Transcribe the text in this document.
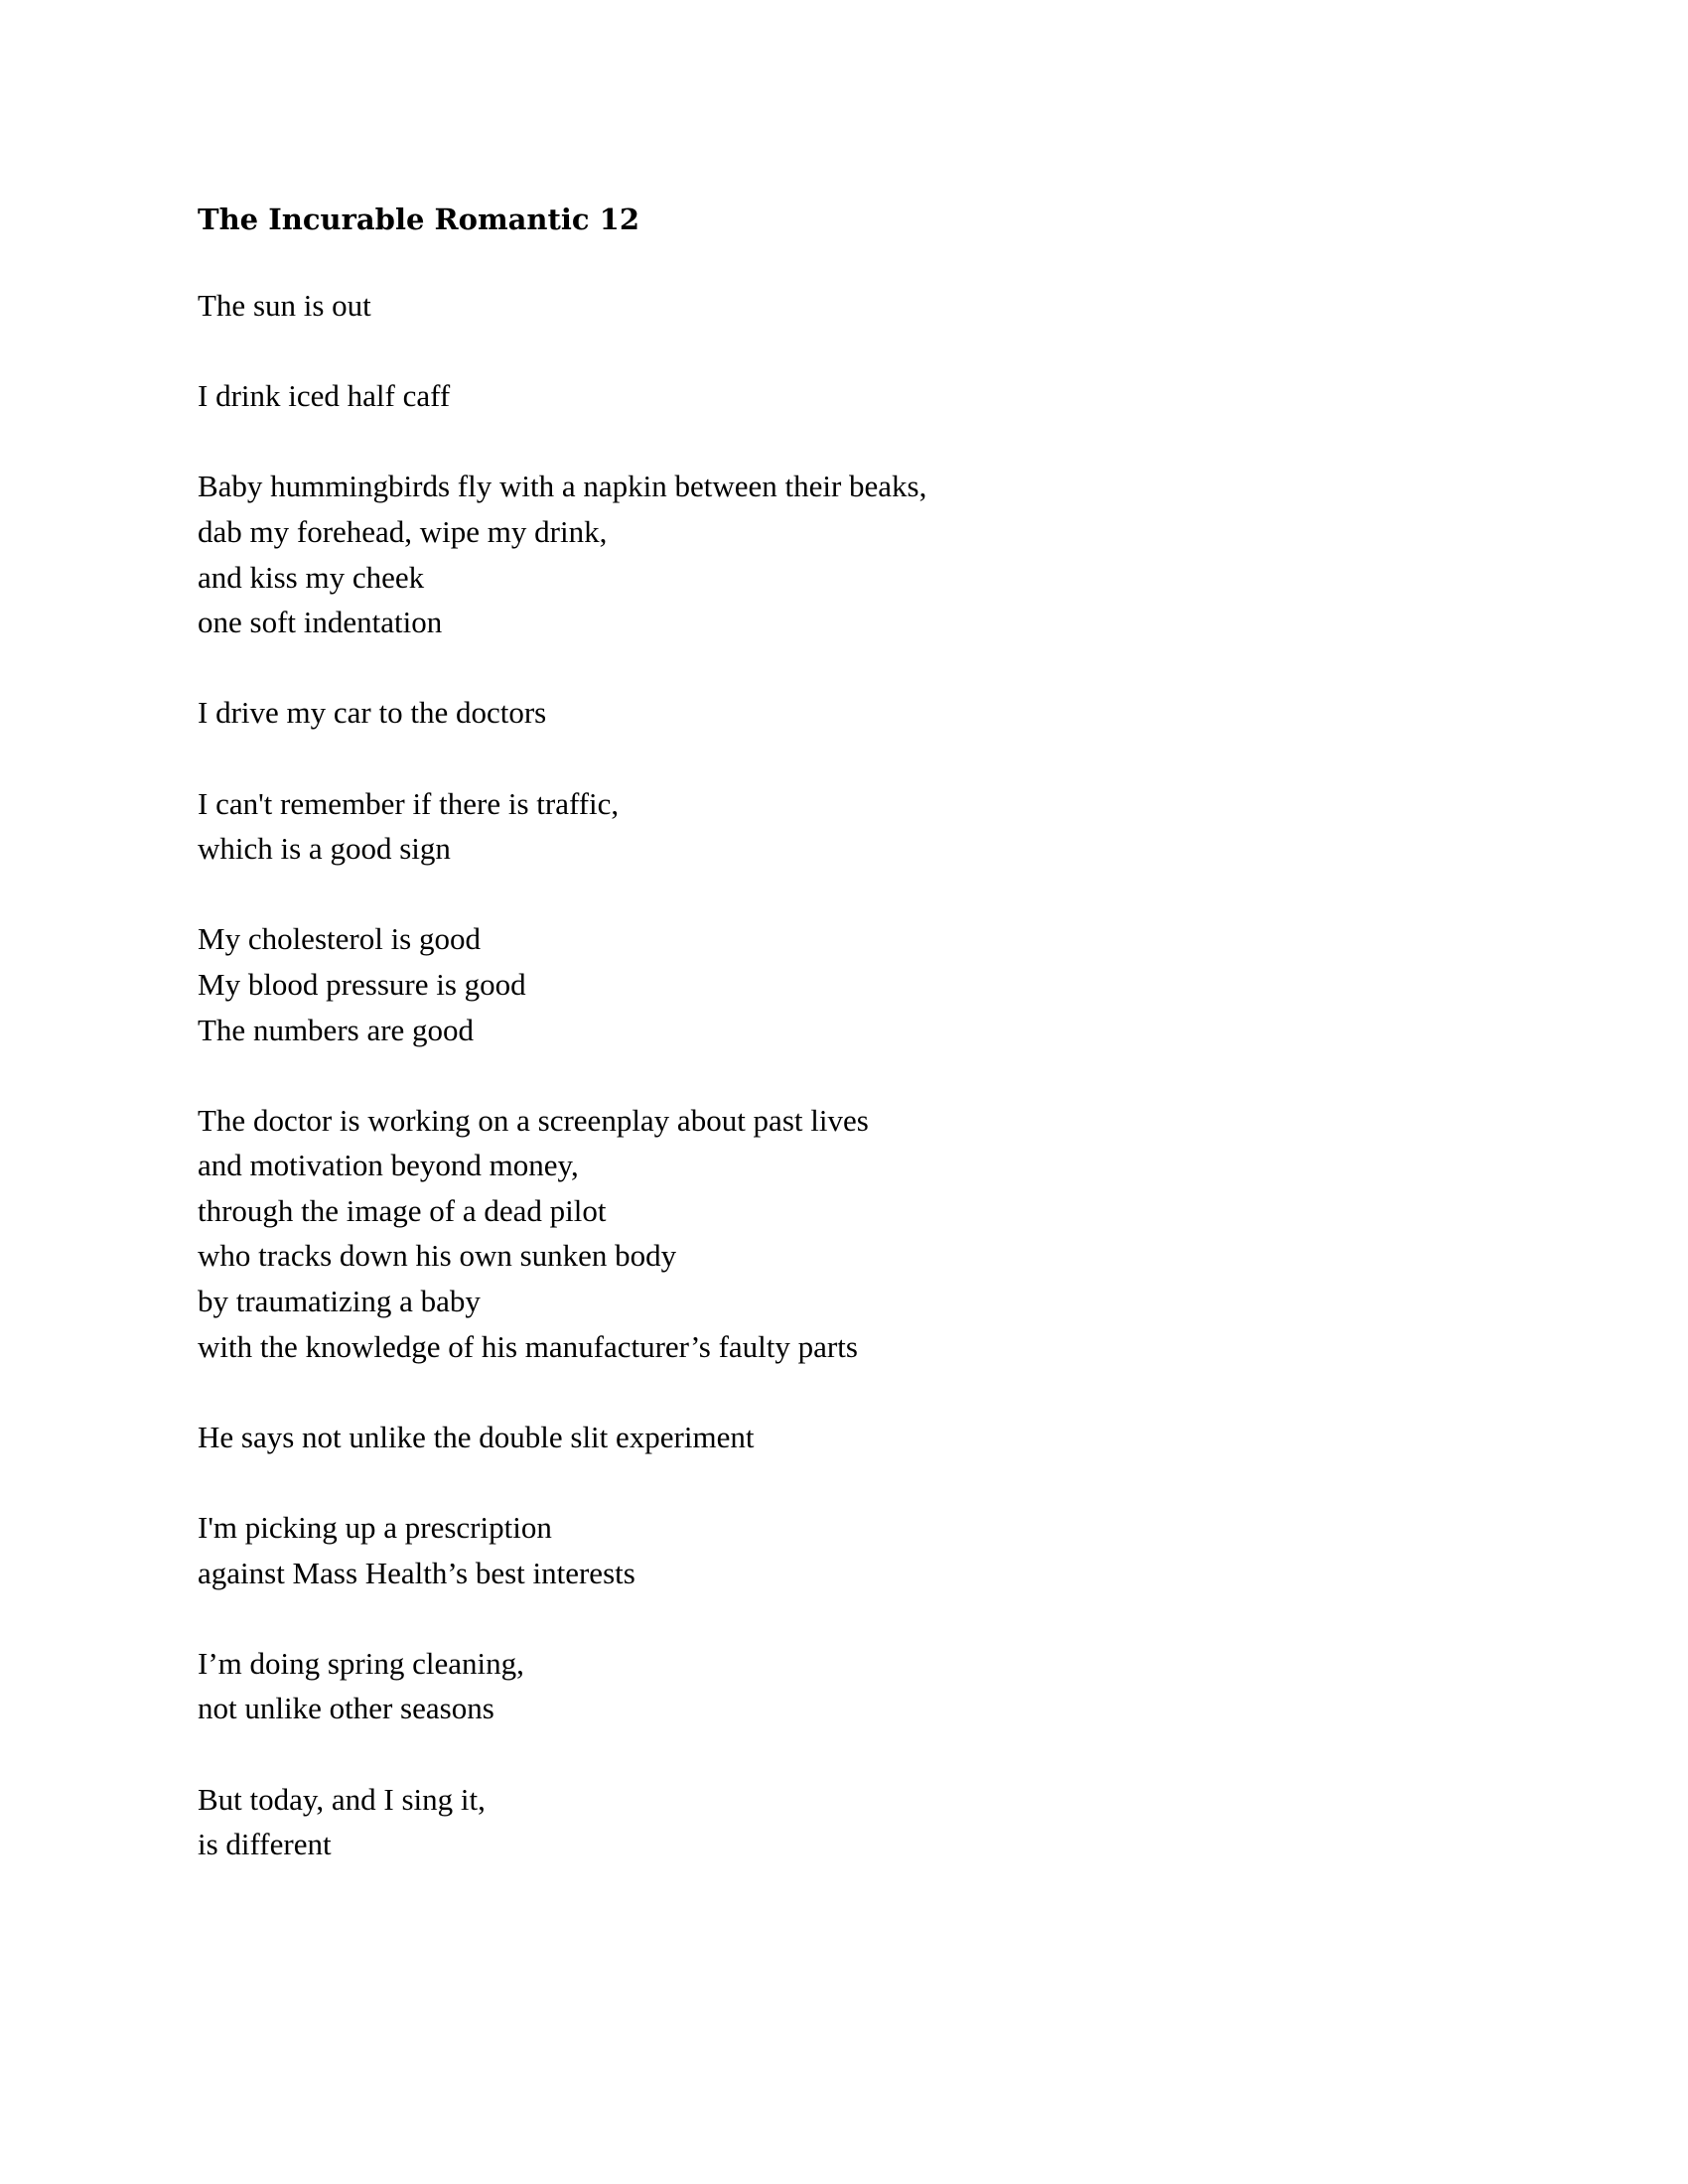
The Incurable Romantic 12
The sun is out
I drink iced half caff
Baby hummingbirds fly with a napkin between their beaks,
dab my forehead, wipe my drink,
and kiss my cheek
one soft indentation
I drive my car to the doctors
I can't remember if there is traffic,
which is a good sign
My cholesterol is good
My blood pressure is good
The numbers are good
The doctor is working on a screenplay about past lives
and motivation beyond money,
through the image of a dead pilot
who tracks down his own sunken body
by traumatizing a baby
with the knowledge of his manufacturer’s faulty parts
He says not unlike the double slit experiment
I'm picking up a prescription
against Mass Health’s best interests
I’m doing spring cleaning,
not unlike other seasons
But today, and I sing it,
is different
